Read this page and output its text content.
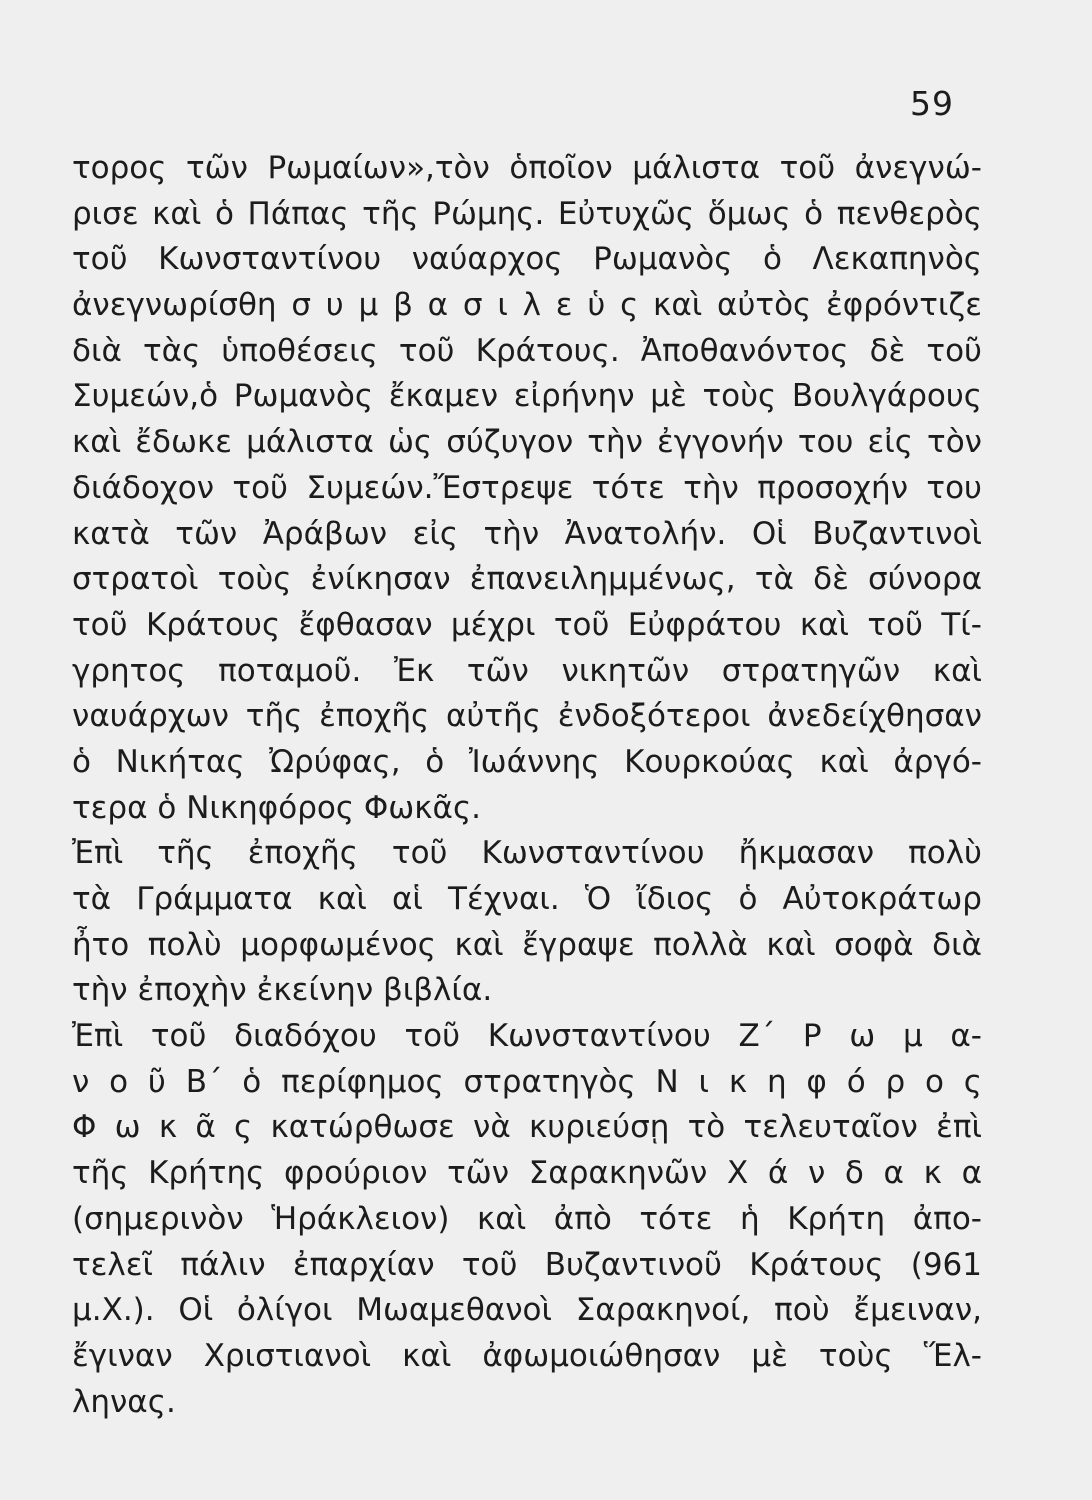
59
τορος τῶν Ρωμαίων»,τὸν ὁποῖον μάλιστα τοῦ ἀνεγνώ-
ρισε καὶ ὁ Πάπας τῆς Ρώμης. Εὐτυχῶς ὅμως ὁ πενθερὸς
τοῦ Κωνσταντίνου ναύαρχος Ρωμανὸς ὁ Λεκαπηνὸς
ἀνεγνωρίσθη σ υ μ β α σ ι λ ε ὑ ς καὶ αὐτὸς ἐφρόντιζε
διὰ τὰς ὑποθέσεις τοῦ Κράτους. Ἀποθανόντος δὲ τοῦ
Συμεών,ὁ Ρωμανὸς ἔκαμεν εἰρήνην μὲ τοὺς Βουλγάρους
καὶ ἔδωκε μάλιστα ὡς σύζυγον τὴν ἐγγονήν του εἰς τὸν
διάδοχον τοῦ Συμεών.Ἔστρεψε τότε τὴν προσοχήν του
κατὰ τῶν Ἀράβων εἰς τὴν Ἀνατολήν. Οἱ Βυζαντινοὶ
στρατοὶ τοὺς ἐνίκησαν ἐπανειλημμένως, τὰ δὲ σύνορα
τοῦ Κράτους ἔφθασαν μέχρι τοῦ Εὐφράτου καὶ τοῦ Τί-
γρητος ποταμοῦ. Ἐκ τῶν νικητῶν στρατηγῶν καὶ
ναυάρχων τῆς ἐποχῆς αὐτῆς ἐνδοξότεροι ἀνεδείχθησαν
ὁ Νικήτας Ὠρύφας, ὁ Ἰωάννης Κουρκούας καὶ ἀργό-
τερα ὁ Νικηφόρος Φωκᾶς.
Ἐπὶ τῆς ἐποχῆς τοῦ Κωνσταντίνου ἤκμασαν πολὺ
τὰ Γράμματα καὶ αἱ Τέχναι. Ὁ ἴδιος ὁ Αὐτοκράτωρ
ἦτο πολὺ μορφωμένος καὶ ἔγραψε πολλὰ καὶ σοφὰ διὰ
τὴν ἐποχὴν ἐκείνην βιβλία.
Ἐπὶ τοῦ διαδόχου τοῦ Κωνσταντίνου Ζ΄ Ρ ω μ α-
ν ο ῦ Β΄ ὁ περίφημος στρατηγὸς Ν ι κ η φ ό ρ ο ς
Φ ω κ ᾶ ς κατώρθωσε νὰ κυριεύσῃ τὸ τελευταῖον ἐπὶ
τῆς Κρήτης φρούριον τῶν Σαρακηνῶν Χ ά ν δ α κ α
(σημερινὸν Ἡράκλειον) καὶ ἀπὸ τότε ἡ Κρήτη ἀπο-
τελεῖ πάλιν ἐπαρχίαν τοῦ Βυζαντινοῦ Κράτους (961
μ.Χ.). Οἱ ὀλίγοι Μωαμεθανοὶ Σαρακηνοί, ποὺ ἔμειναν,
ἔγιναν Χριστιανοὶ καὶ ἀφωμοιώθησαν μὲ τοὺς Ἕλ-
ληνας.
